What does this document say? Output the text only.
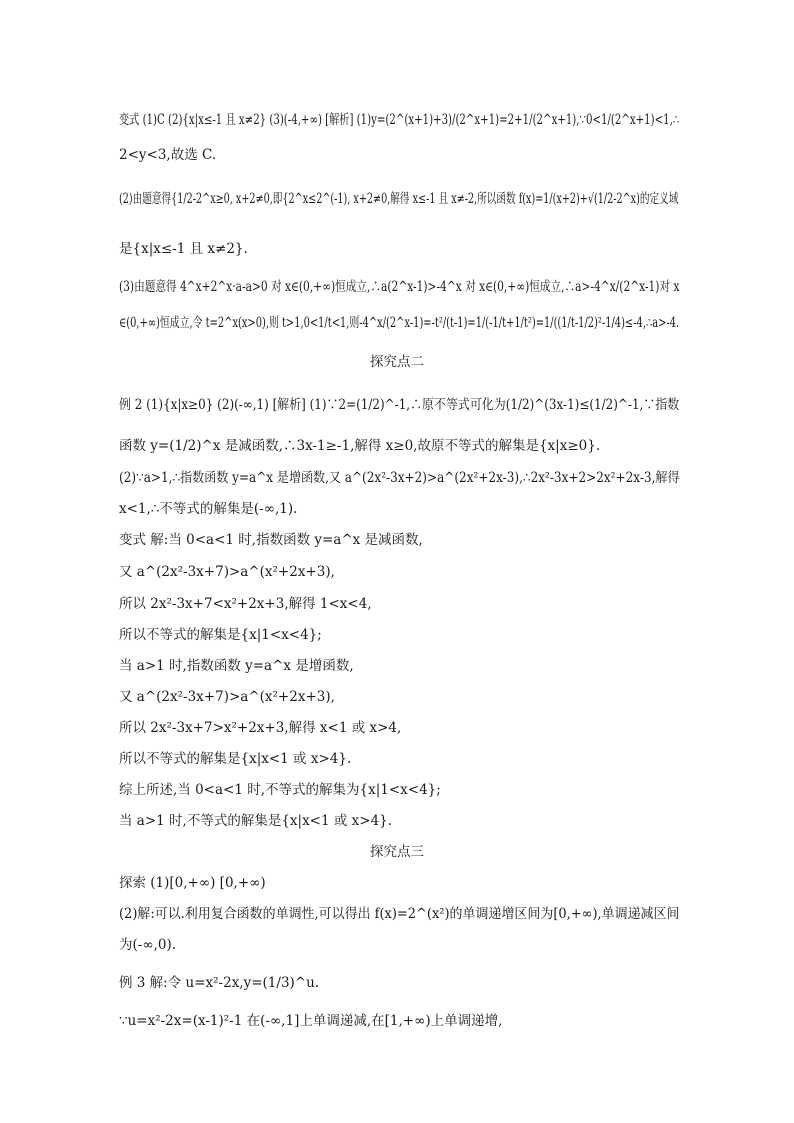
变式 (1)C (2){x|x≤-1 且 x≠2} (3)(-4,+∞) [解析] (1)y=(2^(x+1)+3)/(2^x+1)=2+1/(2^x+1),∵0<1/(2^x+1)<1,∴
2<y<3,故选 C.
(2)由题意得{1/2-2^x≥0, x+2≠0,即{2^x≤2^(-1), x+2≠0,解得 x≤-1 且 x≠-2,所以函数 f(x)=1/(x+2)+√(1/2-2^x)的定义域
是{x|x≤-1 且 x≠2}.
(3)由题意得 4^x+2^x·a-a>0 对 x∈(0,+∞)恒成立,∴a(2^x-1)>-4^x 对 x∈(0,+∞)恒成立,∴a>-4^x/(2^x-1)对 x
∈(0,+∞)恒成立,令 t=2^x(x>0),则 t>1,0<1/t<1,则-4^x/(2^x-1)=-t²/(t-1)=1/(-1/t+1/t²)=1/((1/t-1/2)²-1/4)≤-4,∴a>-4.
探究点二
例 2 (1){x|x≥0} (2)(-∞,1) [解析] (1)∵2=(1/2)^-1,∴原不等式可化为(1/2)^(3x-1)≤(1/2)^-1,∵指数
函数 y=(1/2)^x 是减函数,∴3x-1≥-1,解得 x≥0,故原不等式的解集是{x|x≥0}.
(2)∵a>1,∴指数函数 y=a^x 是增函数,又 a^(2x²-3x+2)>a^(2x²+2x-3),∴2x²-3x+2>2x²+2x-3,解得
x<1,∴不等式的解集是(-∞,1).
变式 解:当 0<a<1 时,指数函数 y=a^x 是减函数,
又 a^(2x²-3x+7)>a^(x²+2x+3),
所以 2x²-3x+7<x²+2x+3,解得 1<x<4,
所以不等式的解集是{x|1<x<4};
当 a>1 时,指数函数 y=a^x 是增函数,
又 a^(2x²-3x+7)>a^(x²+2x+3),
所以 2x²-3x+7>x²+2x+3,解得 x<1 或 x>4,
所以不等式的解集是{x|x<1 或 x>4}.
综上所述,当 0<a<1 时,不等式的解集为{x|1<x<4};
当 a>1 时,不等式的解集是{x|x<1 或 x>4}.
探究点三
探索 (1)[0,+∞) [0,+∞)
(2)解:可以.利用复合函数的单调性,可以得出 f(x)=2^(x²)的单调递增区间为[0,+∞),单调递减区间
为(-∞,0).
例 3 解:令 u=x²-2x,y=(1/3)^u.
∵u=x²-2x=(x-1)²-1 在(-∞,1]上单调递减,在[1,+∞)上单调递增,
